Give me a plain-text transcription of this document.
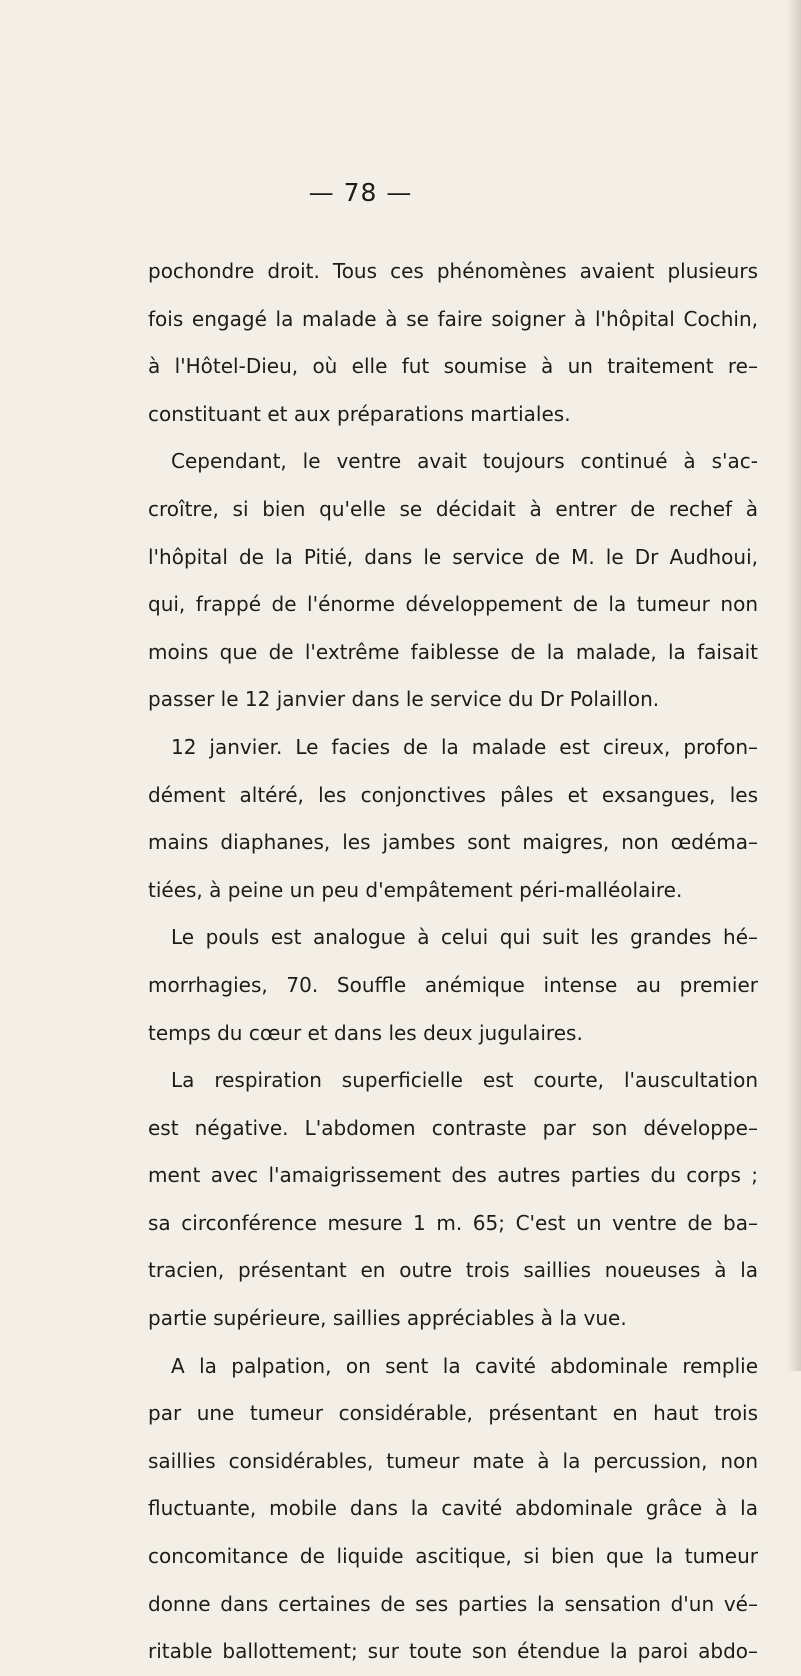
— 78 —
pochondre droit. Tous ces phénomènes avaient plusieurs
fois engagé la malade à se faire soigner à l'hôpital Cochin,
à l'Hôtel-Dieu, où elle fut soumise à un traitement re–
constituant et aux préparations martiales.
Cependant, le ventre avait toujours continué à s'ac-
croître, si bien qu'elle se décidait à entrer de rechef à
l'hôpital de la Pitié, dans le service de M. le Dr Audhoui,
qui, frappé de l'énorme développement de la tumeur non
moins que de l'extrême faiblesse de la malade, la faisait
passer le 12 janvier dans le service du Dr Polaillon.
12 janvier. Le facies de la malade est cireux, profon–
dément altéré, les conjonctives pâles et exsangues, les
mains diaphanes, les jambes sont maigres, non œdéma–
tiées, à peine un peu d'empâtement péri-malléolaire.
Le pouls est analogue à celui qui suit les grandes hé–
morrhagies, 70. Souffle anémique intense au premier
temps du cœur et dans les deux jugulaires.
La respiration superficielle est courte, l'auscultation
est négative. L'abdomen contraste par son développe–
ment avec l'amaigrissement des autres parties du corps ;
sa circonférence mesure 1 m. 65; C'est un ventre de ba–
tracien, présentant en outre trois saillies noueuses à la
partie supérieure, saillies appréciables à la vue.
A la palpation, on sent la cavité abdominale remplie
par une tumeur considérable, présentant en haut trois
saillies considérables, tumeur mate à la percussion, non
fluctuante, mobile dans la cavité abdominale grâce à la
concomitance de liquide ascitique, si bien que la tumeur
donne dans certaines de ses parties la sensation d'un vé–
ritable ballottement; sur toute son étendue la paroi abdo–
